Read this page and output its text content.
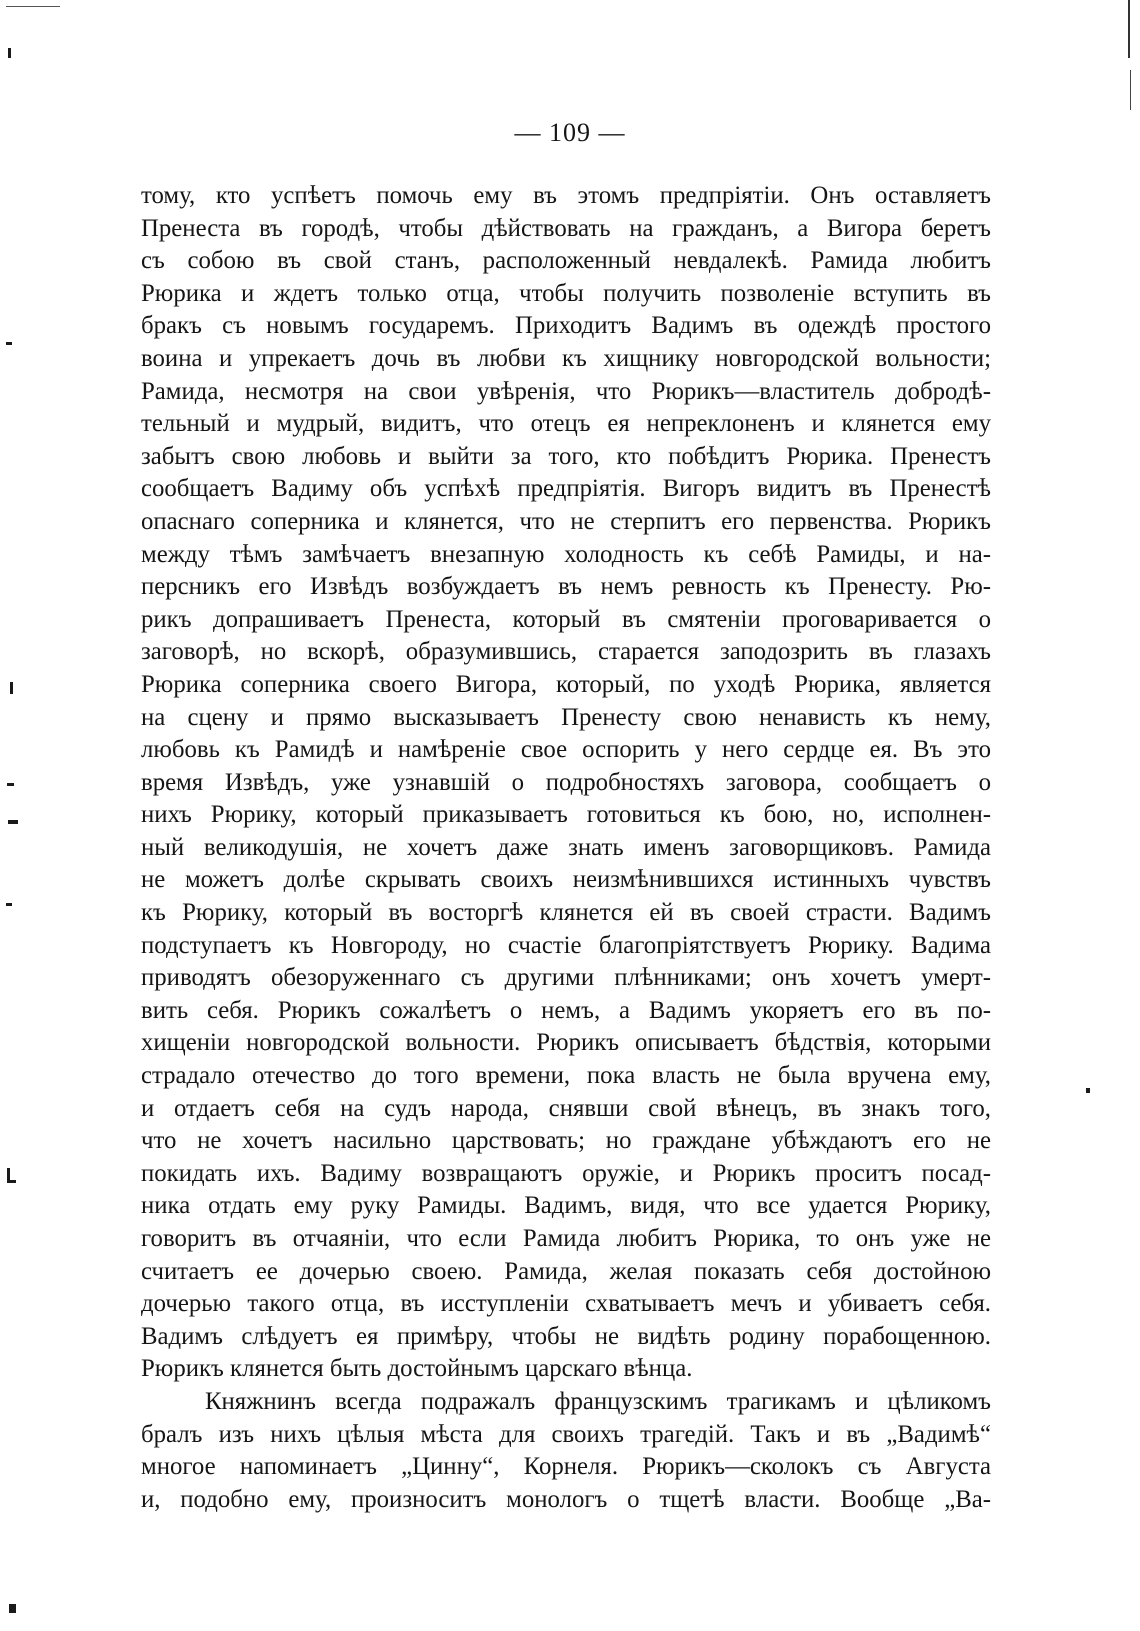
— 109 —
тому, кто успѣетъ помочь ему въ этомъ предпріятіи. Онъ оставляетъ
Пренеста въ городѣ, чтобы дѣйствовать на гражданъ, а Вигора беретъ
съ собою въ свой станъ, расположенный невдалекѣ. Рамида любитъ
Рюрика и ждетъ только отца, чтобы получить позволеніе вступить въ
бракъ съ новымъ государемъ. Приходитъ Вадимъ въ одеждѣ простого
воина и упрекаетъ дочь въ любви къ хищнику новгородской вольности;
Рамида, несмотря на свои увѣренія, что Рюрикъ—властитель добродѣ-
тельный и мудрый, видитъ, что отецъ ея непреклоненъ и клянется ему
забытъ свою любовь и выйти за того, кто побѣдитъ Рюрика. Пренестъ
сообщаетъ Вадиму объ успѣхѣ предпріятія. Вигоръ видитъ въ Пренестѣ
опаснаго соперника и клянется, что не стерпитъ его первенства. Рюрикъ
между тѣмъ замѣчаетъ внезапную холодность къ себѣ Рамиды, и на-
персникъ его Извѣдъ возбуждаетъ въ немъ ревность къ Пренесту. Рю-
рикъ допрашиваетъ Пренеста, который въ смятеніи проговаривается о
заговорѣ, но вскорѣ, образумившись, старается заподозрить въ глазахъ
Рюрика соперника своего Вигора, который, по уходѣ Рюрика, является
на сцену и прямо высказываетъ Пренесту свою ненависть къ нему,
любовь къ Рамидѣ и намѣреніе свое оспорить у него сердце ея. Въ это
время Извѣдъ, уже узнавшій о подробностяхъ заговора, сообщаетъ о
нихъ Рюрику, который приказываетъ готовиться къ бою, но, исполнен-
ный великодушія, не хочетъ даже знать именъ заговорщиковъ. Рамида
не можетъ долѣе скрывать своихъ неизмѣнившихся истинныхъ чувствъ
къ Рюрику, который въ восторгѣ клянется ей въ своей страсти. Вадимъ
подступаетъ къ Новгороду, но счастіе благопріятствуетъ Рюрику. Вадима
приводятъ обезоруженнаго съ другими плѣнниками; онъ хочетъ умерт-
вить себя. Рюрикъ сожалѣетъ о немъ, а Вадимъ укоряетъ его въ по-
хищеніи новгородской вольности. Рюрикъ описываетъ бѣдствія, которыми
страдало отечество до того времени, пока власть не была вручена ему,
и отдаетъ себя на судъ народа, снявши свой вѣнецъ, въ знакъ того,
что не хочетъ насильно царствовать; но граждане убѣждаютъ его не
покидать ихъ. Вадиму возвращаютъ оружіе, и Рюрикъ проситъ посад-
ника отдать ему руку Рамиды. Вадимъ, видя, что все удается Рюрику,
говоритъ въ отчаяніи, что если Рамида любитъ Рюрика, то онъ уже не
считаетъ ее дочерью своею. Рамида, желая показать себя достойною
дочерью такого отца, въ исступленіи схватываетъ мечъ и убиваетъ себя.
Вадимъ слѣдуетъ ея примѣру, чтобы не видѣть родину порабощенною.
Рюрикъ клянется быть достойнымъ царскаго вѣнца.
Княжнинъ всегда подражалъ французскимъ трагикамъ и цѣликомъ
бралъ изъ нихъ цѣлыя мѣста для своихъ трагедій. Такъ и въ „Вадимѣ“
многое напоминаетъ „Цинну“, Корнеля. Рюрикъ—сколокъ съ Августа
и, подобно ему, произноситъ монологъ о тщетѣ власти. Вообще „Ва-
